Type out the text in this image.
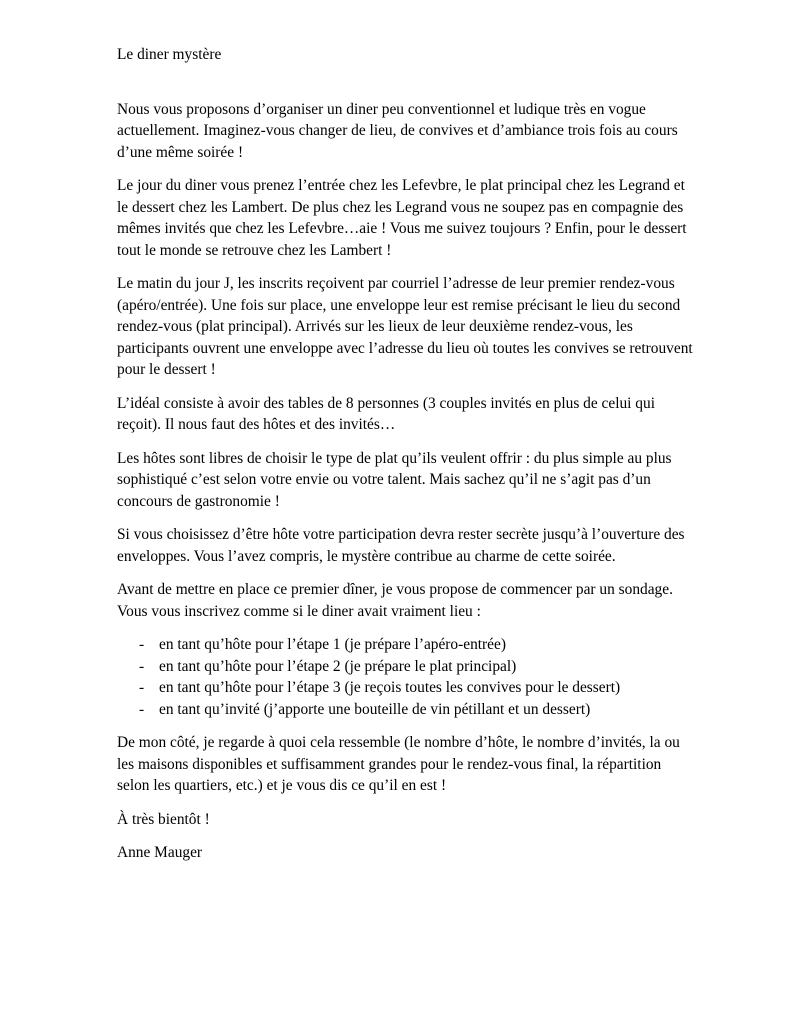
Le diner mystère

Nous vous proposons d’organiser un diner peu conventionnel et ludique très en vogue actuellement. Imaginez-vous changer de lieu, de convives et d’ambiance trois fois au cours d’une même soirée !

Le jour du diner vous prenez l’entrée chez les Lefevbre, le plat principal chez les Legrand et le dessert chez les Lambert. De plus chez les Legrand vous ne soupez pas en compagnie des mêmes invités que chez les Lefevbre…aie ! Vous me suivez toujours ? Enfin, pour le dessert tout le monde se retrouve chez les Lambert !

Le matin du jour J, les inscrits reçoivent par courriel l’adresse de leur premier rendez-vous (apéro/entrée). Une fois sur place, une enveloppe leur est remise précisant le lieu du second rendez-vous (plat principal). Arrivés sur les lieux de leur deuxième rendez-vous, les participants ouvrent une enveloppe avec l’adresse du lieu où toutes les convives se retrouvent pour le dessert !

L’idéal consiste à avoir des tables de 8 personnes (3 couples invités en plus de celui qui reçoit). Il nous faut des hôtes et des invités…

Les hôtes sont libres de choisir le type de plat qu’ils veulent offrir : du plus simple au plus sophistiqué c’est selon votre envie ou votre talent. Mais sachez qu’il ne s’agit pas d’un concours de gastronomie !

Si vous choisissez d’être hôte votre participation devra rester secrète jusqu’à l’ouverture des enveloppes. Vous l’avez compris, le mystère contribue au charme de cette soirée.

Avant de mettre en place ce premier dîner, je vous propose de commencer par un sondage. Vous vous inscrivez comme si le diner avait vraiment lieu :

- en tant qu’hôte pour l’étape 1 (je prépare l’apéro-entrée)
- en tant qu’hôte pour l’étape 2 (je prépare le plat principal)
- en tant qu’hôte pour l’étape 3 (je reçois toutes les convives pour le dessert)
- en tant qu’invité (j’apporte une bouteille de vin pétillant et un dessert)

De mon côté, je regarde à quoi cela ressemble (le nombre d’hôte, le nombre d’invités, la ou les maisons disponibles et suffisamment grandes pour le rendez-vous final, la répartition selon les quartiers, etc.) et je vous dis ce qu’il en est !

À très bientôt !

Anne Mauger
